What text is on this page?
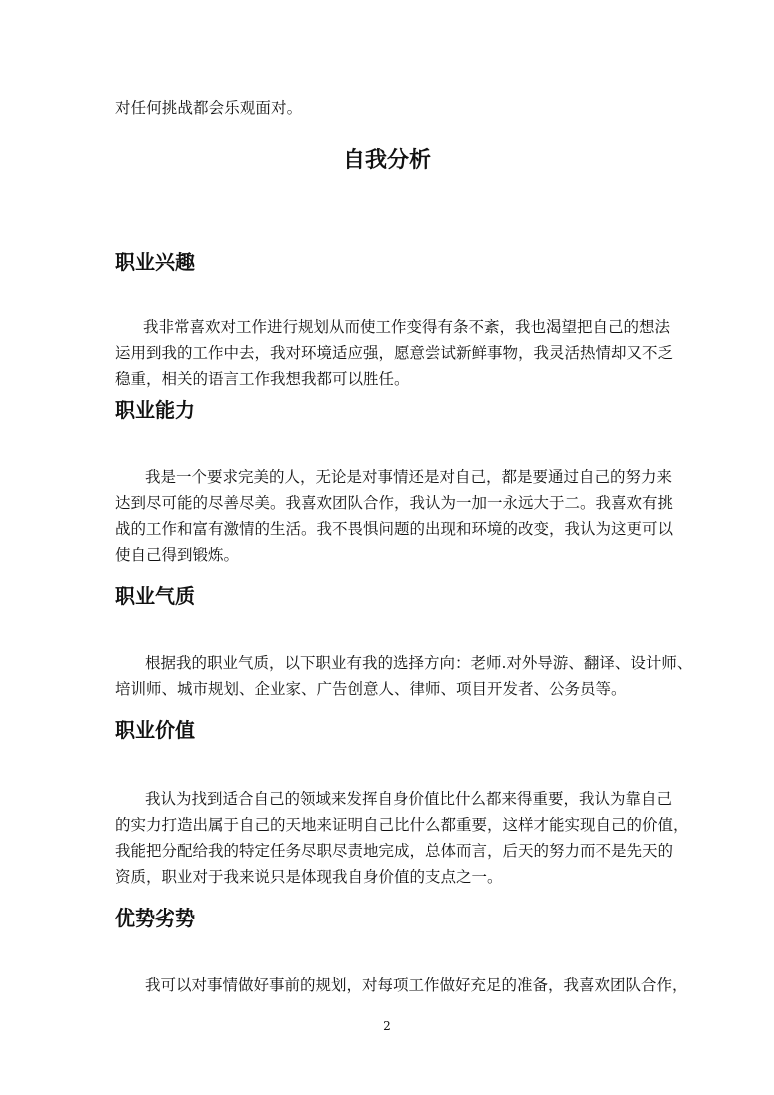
对任何挑战都会乐观面对。
自我分析
职业兴趣

我非常喜欢对工作进行规划从而使工作变得有条不紊，我也渴望把自己的想法

运用到我的工作中去，我对环境适应强，愿意尝试新鲜事物，我灵活热情却又不乏

稳重，相关的语言工作我想我都可以胜任。

职业能力

我是一个要求完美的人，无论是对事情还是对自己，都是要通过自己的努力来

达到尽可能的尽善尽美。我喜欢团队合作，我认为一加一永远大于二。我喜欢有挑

战的工作和富有激情的生活。我不畏惧问题的出现和环境的改变，我认为这更可以

使自己得到锻炼。

职业气质

根据我的职业气质，以下职业有我的选择方向：老师.对外导游、翻译、设计师、

培训师、城市规划、企业家、广告创意人、律师、项目开发者、公务员等。

职业价值

我认为找到适合自己的领域来发挥自身价值比什么都来得重要，我认为靠自己

的实力打造出属于自己的天地来证明自己比什么都重要，这样才能实现自己的价值，

我能把分配给我的特定任务尽职尽责地完成，总体而言，后天的努力而不是先天的

资质，职业对于我来说只是体现我自身价值的支点之一。

优势劣势

我可以对事情做好事前的规划，对每项工作做好充足的准备，我喜欢团队合作，

2
